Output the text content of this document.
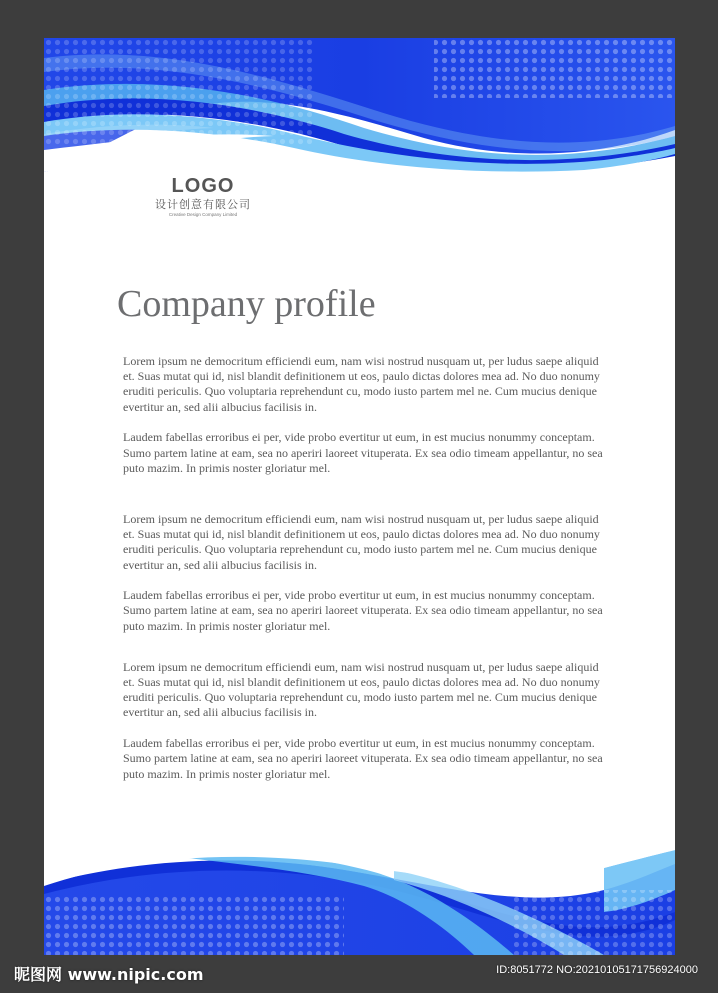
LOGO
设计创意有限公司
Creative Design Company Limited
Company profile

Lorem ipsum ne democritum efficiendi eum, nam wisi nostrud nusquam ut, per ludus saepe aliquid et. Suas mutat qui id, nisl blandit definitionem ut eos, paulo dictas dolores mea ad. No duo nonumy eruditi periculis. Quo voluptaria reprehendunt cu, modo iusto partem mel ne. Cum mucius denique evertitur an, sed alii albucius facilisis in.

Laudem fabellas erroribus ei per, vide probo evertitur ut eum, in est mucius nonummy conceptam. Sumo partem latine at eam, sea no aperiri laoreet vituperata. Ex sea odio timeam appellantur, no sea puto mazim. In primis noster gloriatur mel.

Lorem ipsum ne democritum efficiendi eum, nam wisi nostrud nusquam ut, per ludus saepe aliquid et. Suas mutat qui id, nisl blandit definitionem ut eos, paulo dictas dolores mea ad. No duo nonumy eruditi periculis. Quo voluptaria reprehendunt cu, modo iusto partem mel ne. Cum mucius denique evertitur an, sed alii albucius facilisis in.

Laudem fabellas erroribus ei per, vide probo evertitur ut eum, in est mucius nonummy conceptam. Sumo partem latine at eam, sea no aperiri laoreet vituperata. Ex sea odio timeam appellantur, no sea puto mazim. In primis noster gloriatur mel.

Lorem ipsum ne democritum efficiendi eum, nam wisi nostrud nusquam ut, per ludus saepe aliquid et. Suas mutat qui id, nisl blandit definitionem ut eos, paulo dictas dolores mea ad. No duo nonumy eruditi periculis. Quo voluptaria reprehendunt cu, modo iusto partem mel ne. Cum mucius denique evertitur an, sed alii albucius facilisis in.

Laudem fabellas erroribus ei per, vide probo evertitur ut eum, in est mucius nonummy conceptam. Sumo partem latine at eam, sea no aperiri laoreet vituperata. Ex sea odio timeam appellantur, no sea puto mazim. In primis noster gloriatur mel.

昵图网 www.nipic.com	ID:8051772 NO:20210105171756924000
